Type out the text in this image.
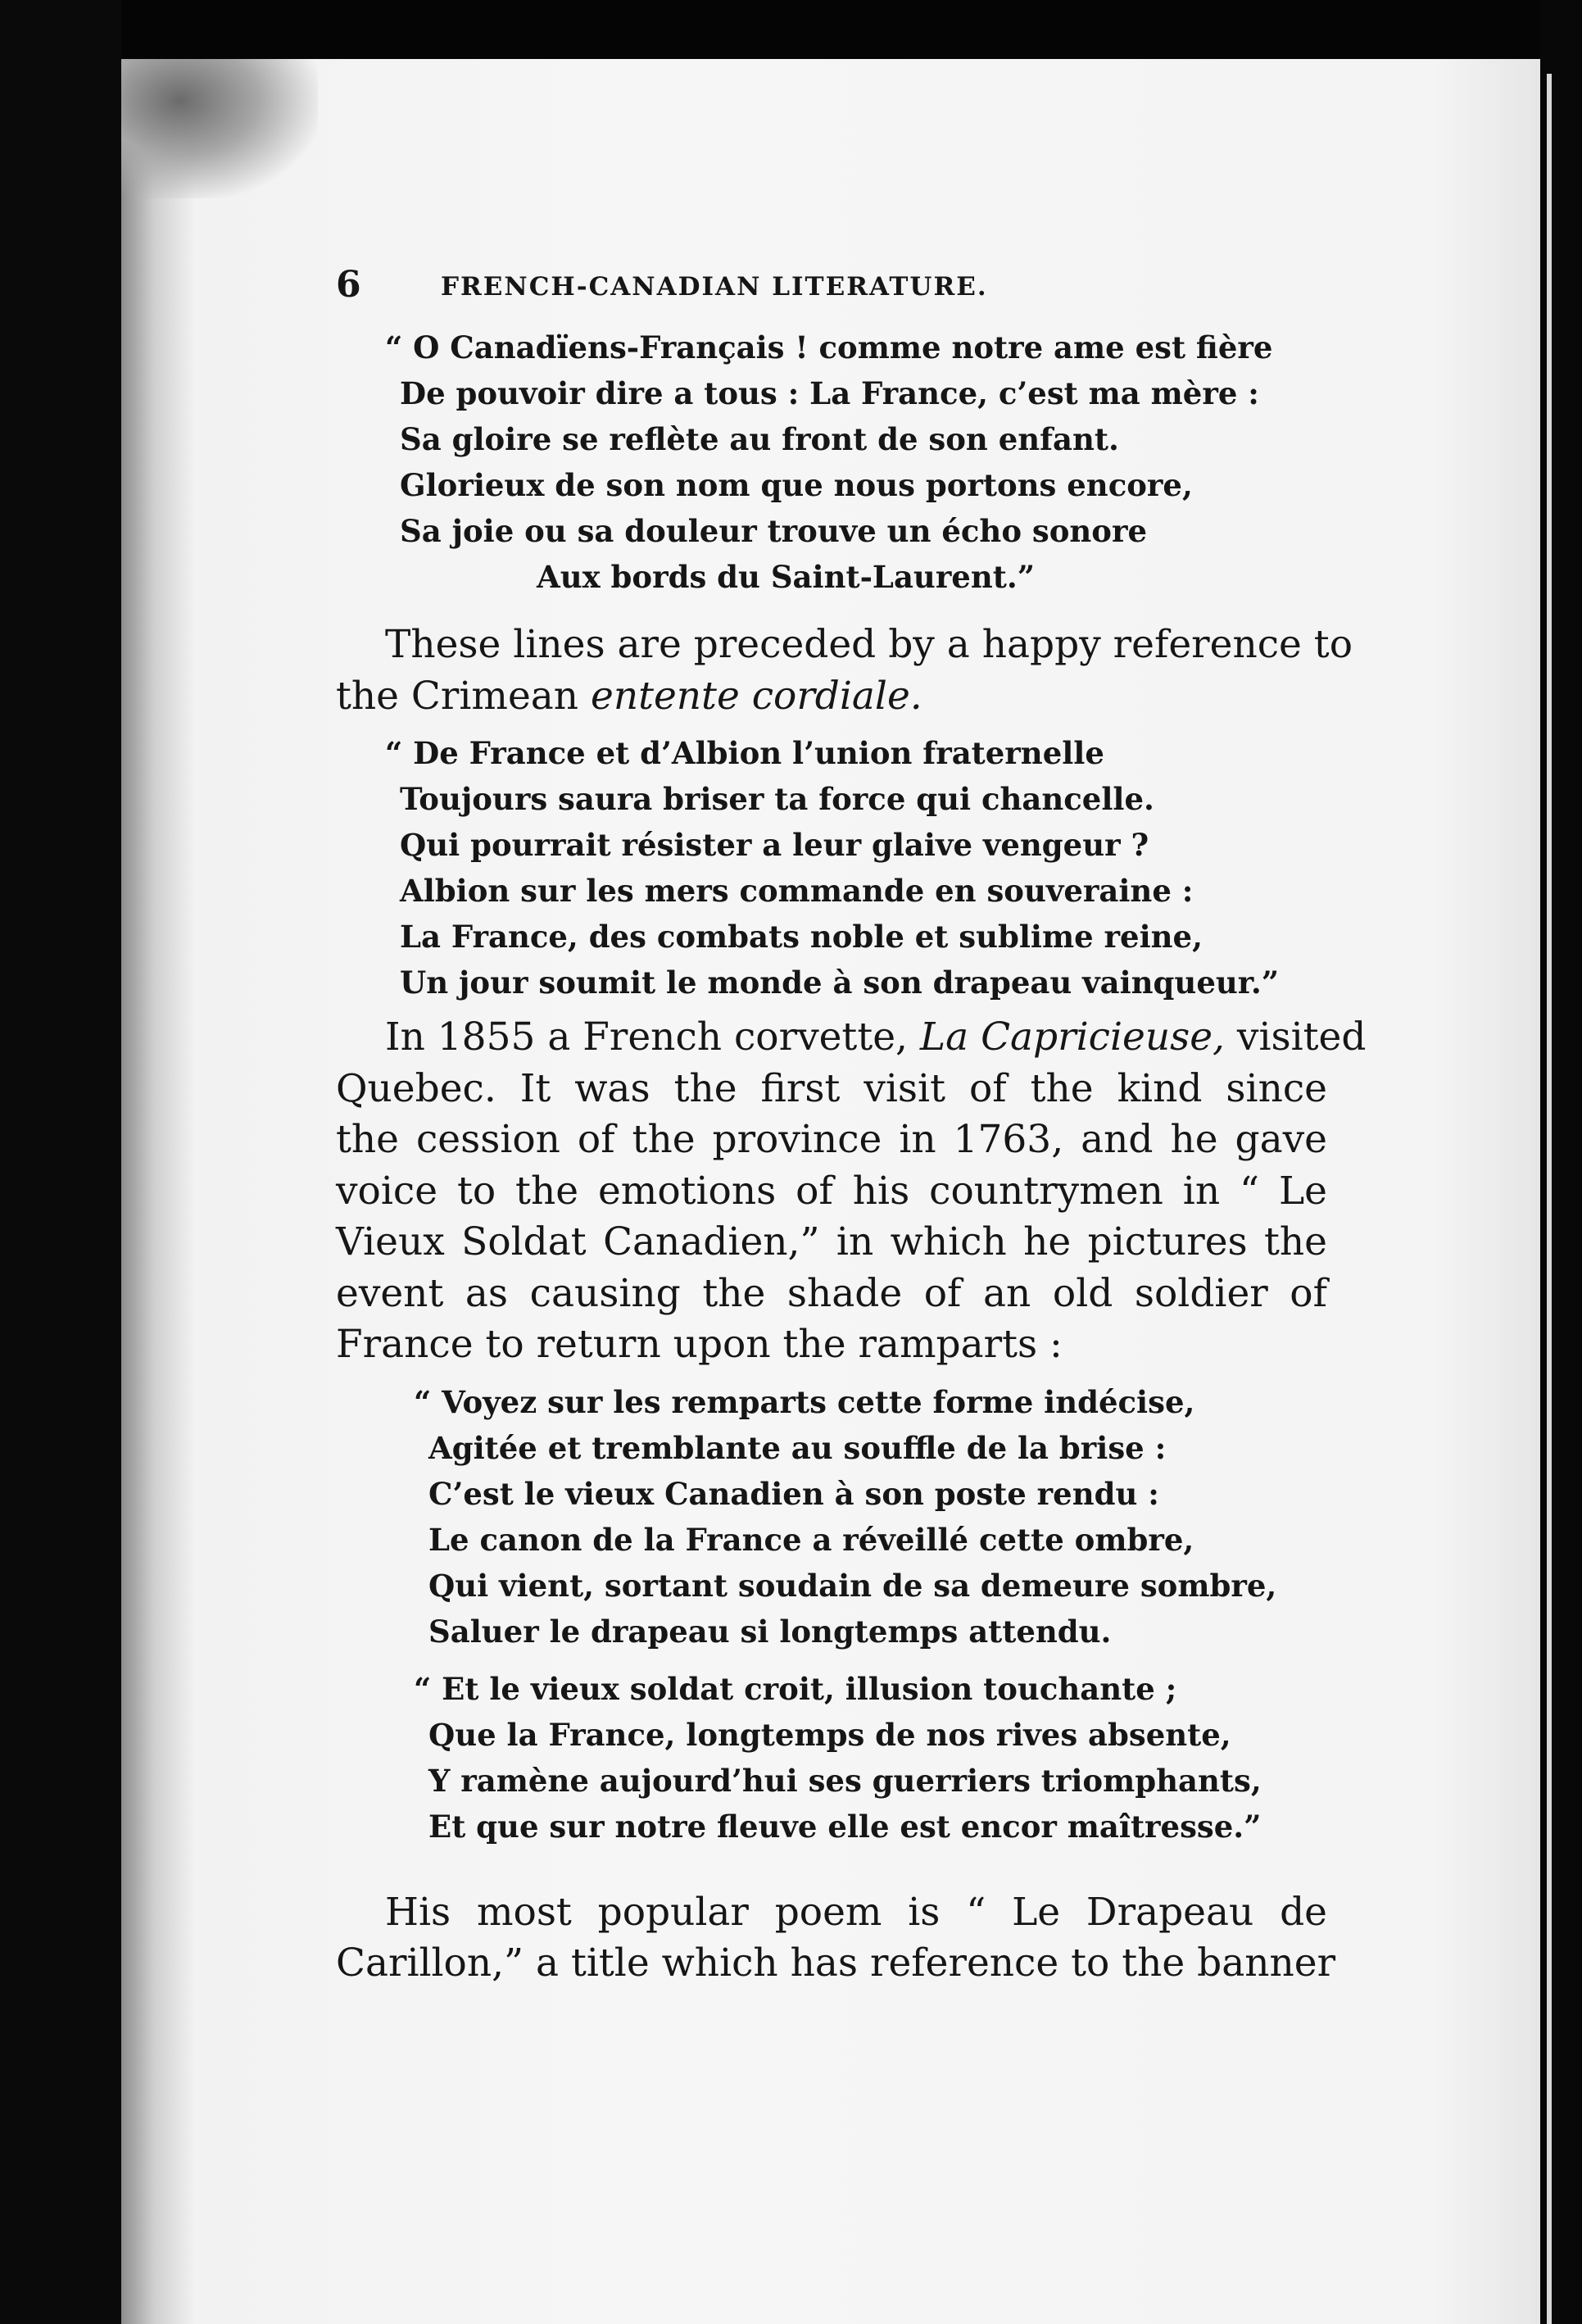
6	FRENCH-CANADIAN LITERATURE.
“ O Canadïens-Français ! comme notre ame est fière
De pouvoir dire a tous : La France, c’est ma mère :
Sa gloire se reflète au front de son enfant.
Glorieux de son nom que nous portons encore,
Sa joie ou sa douleur trouve un écho sonore
Aux bords du Saint-Laurent.”
These lines are preceded by a happy reference to
the Crimean entente cordiale.
“ De France et d’Albion l’union fraternelle
Toujours saura briser ta force qui chancelle.
Qui pourrait résister a leur glaive vengeur ?
Albion sur les mers commande en souveraine :
La France, des combats noble et sublime reine,
Un jour soumit le monde à son drapeau vainqueur.”
In 1855 a French corvette, La Capricieuse, visited
Quebec. It was the first visit of the kind since
the cession of the province in 1763, and he gave
voice to the emotions of his countrymen in “ Le
Vieux Soldat Canadien,” in which he pictures the
event as causing the shade of an old soldier of
France to return upon the ramparts :
“ Voyez sur les remparts cette forme indécise,
Agitée et tremblante au souffle de la brise :
C’est le vieux Canadien à son poste rendu :
Le canon de la France a réveillé cette ombre,
Qui vient, sortant soudain de sa demeure sombre,
Saluer le drapeau si longtemps attendu.
“ Et le vieux soldat croit, illusion touchante ;
Que la France, longtemps de nos rives absente,
Y ramène aujourd’hui ses guerriers triomphants,
Et que sur notre fleuve elle est encor maîtresse.”
His most popular poem is “ Le Drapeau de
Carillon,” a title which has reference to the banner
